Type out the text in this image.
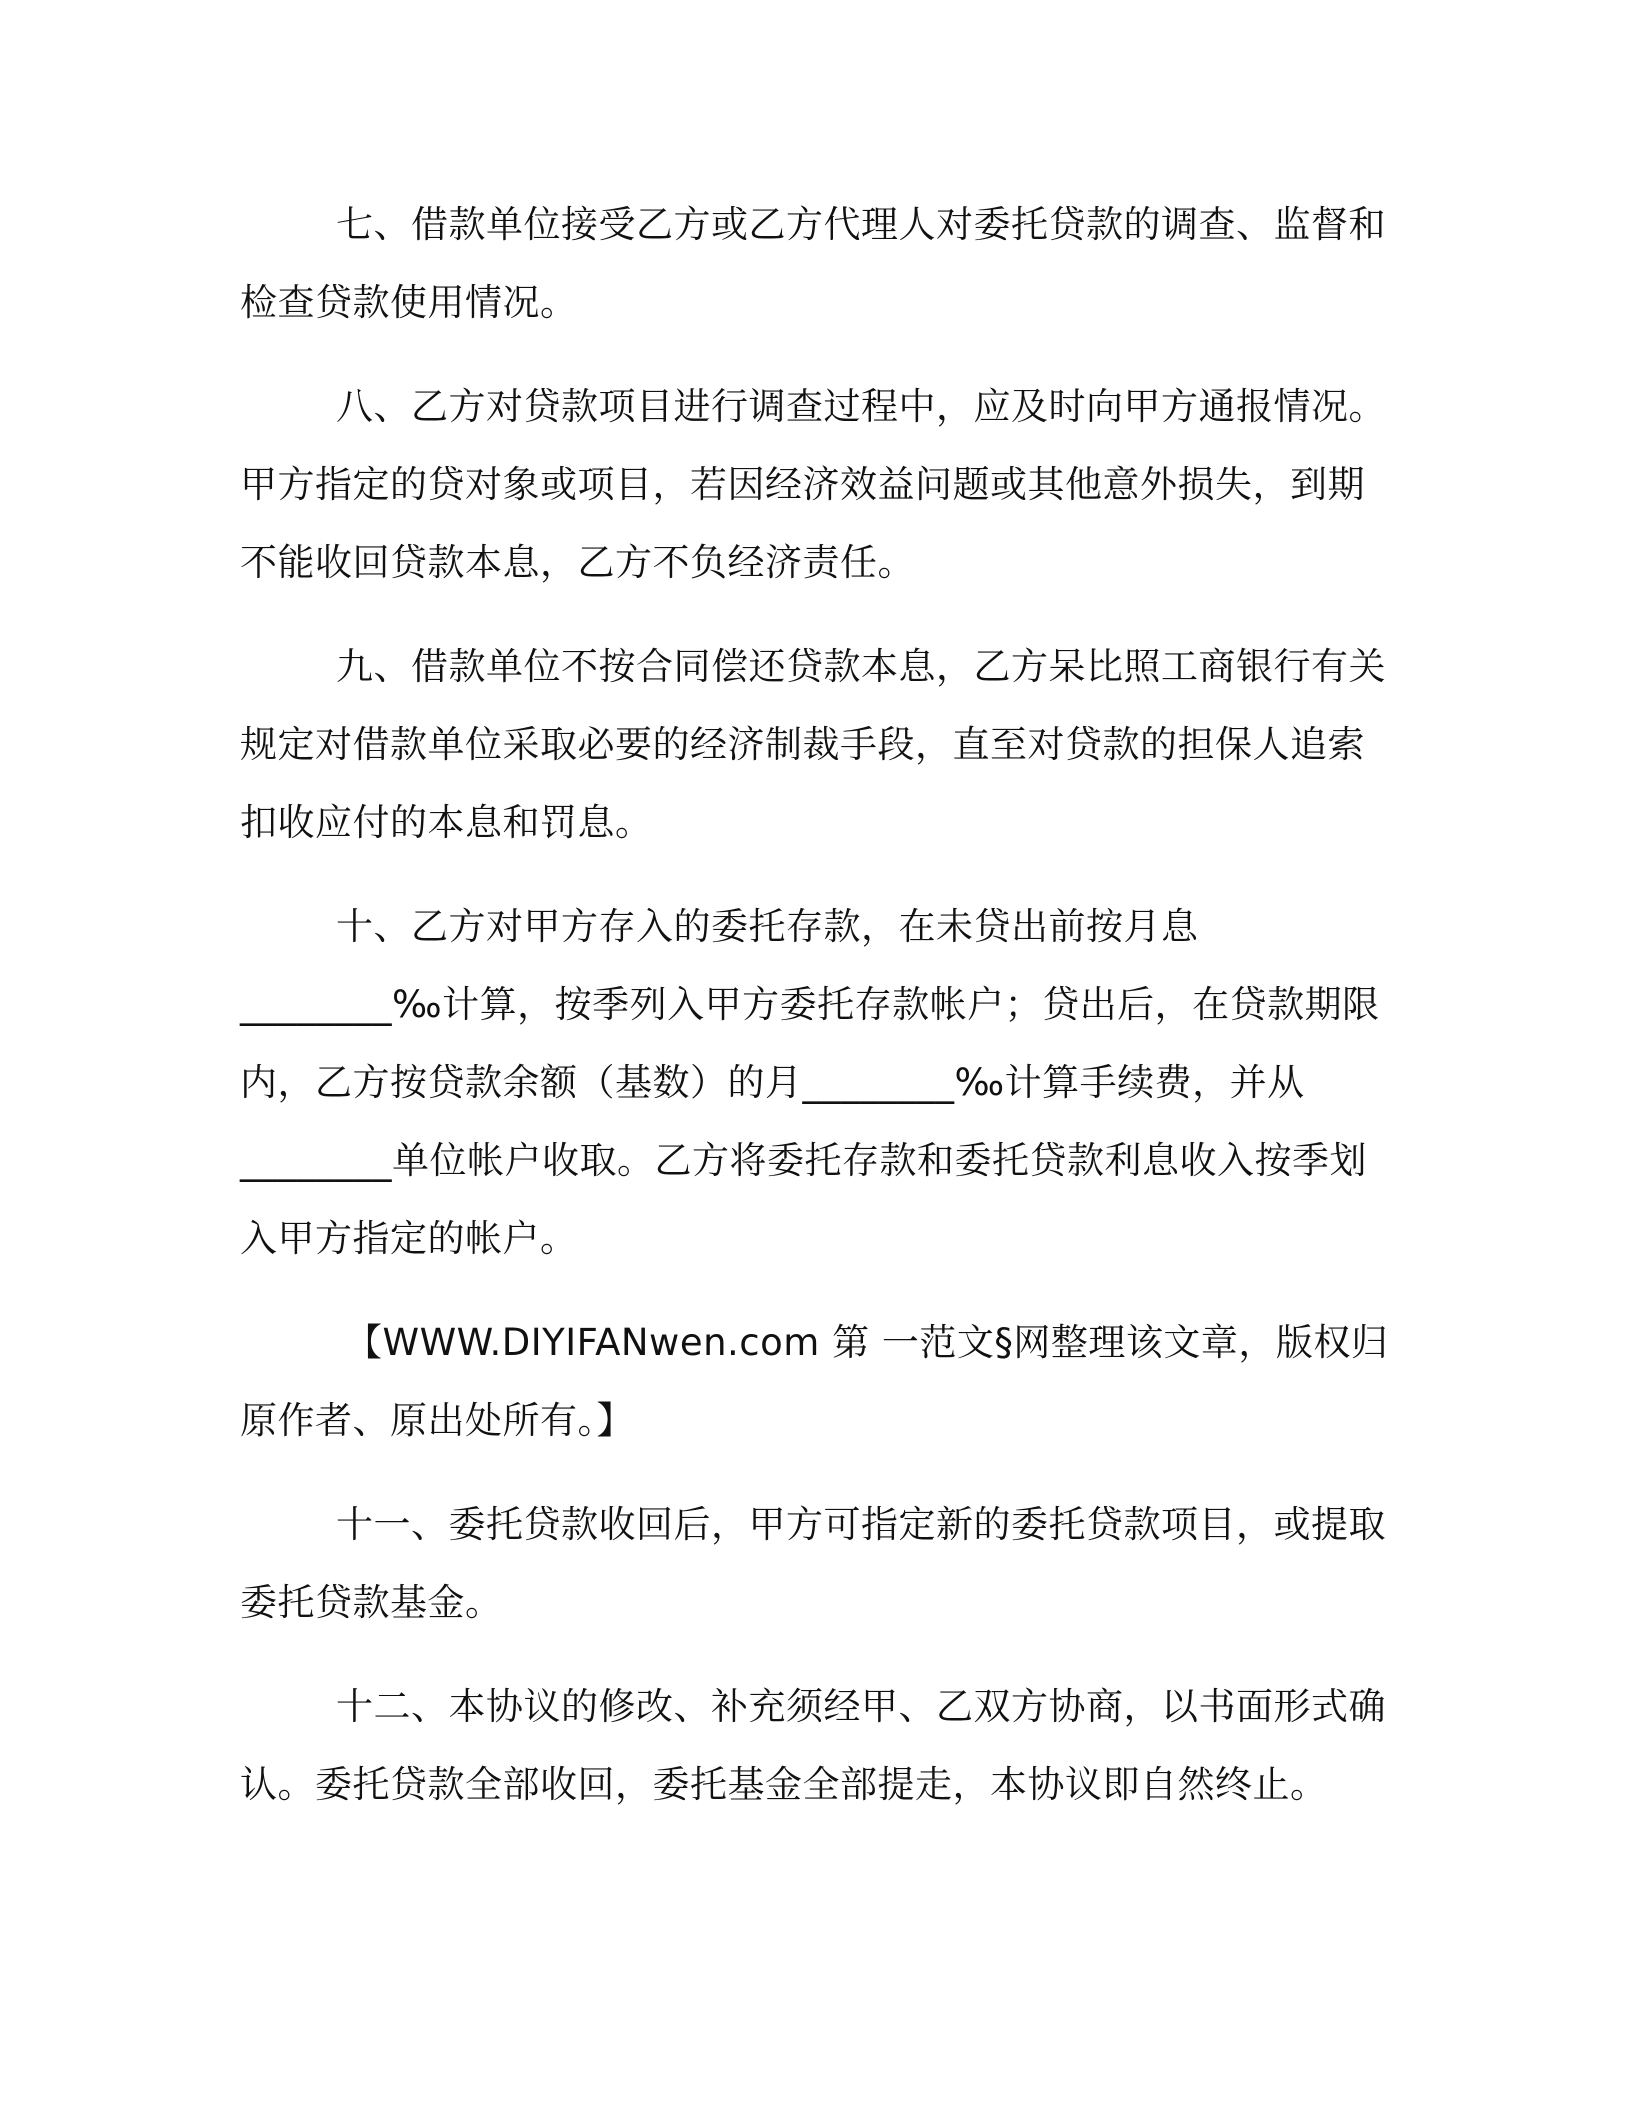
七、借款单位接受乙方或乙方代理人对委托贷款的调查、监督和
检查贷款使用情况。

八、乙方对贷款项目进行调查过程中，应及时向甲方通报情况。
甲方指定的贷对象或项目，若因经济效益问题或其他意外损失，到期
不能收回贷款本息，乙方不负经济责任。

九、借款单位不按合同偿还贷款本息，乙方呆比照工商银行有关
规定对借款单位采取必要的经济制裁手段，直至对贷款的担保人追索
扣收应付的本息和罚息。

十、乙方对甲方存入的委托存款，在未贷出前按月息
________‰计算，按季列入甲方委托存款帐户；贷出后，在贷款期限
内，乙方按贷款余额（基数）的月________‰计算手续费，并从
________单位帐户收取。乙方将委托存款和委托贷款利息收入按季划
入甲方指定的帐户。

【WWW.DIYIFANwen.com 第 一范文§网整理该文章，版权归
原作者、原出处所有。】

十一、委托贷款收回后，甲方可指定新的委托贷款项目，或提取
委托贷款基金。

十二、本协议的修改、补充须经甲、乙双方协商，以书面形式确
认。委托贷款全部收回，委托基金全部提走，本协议即自然终止。
